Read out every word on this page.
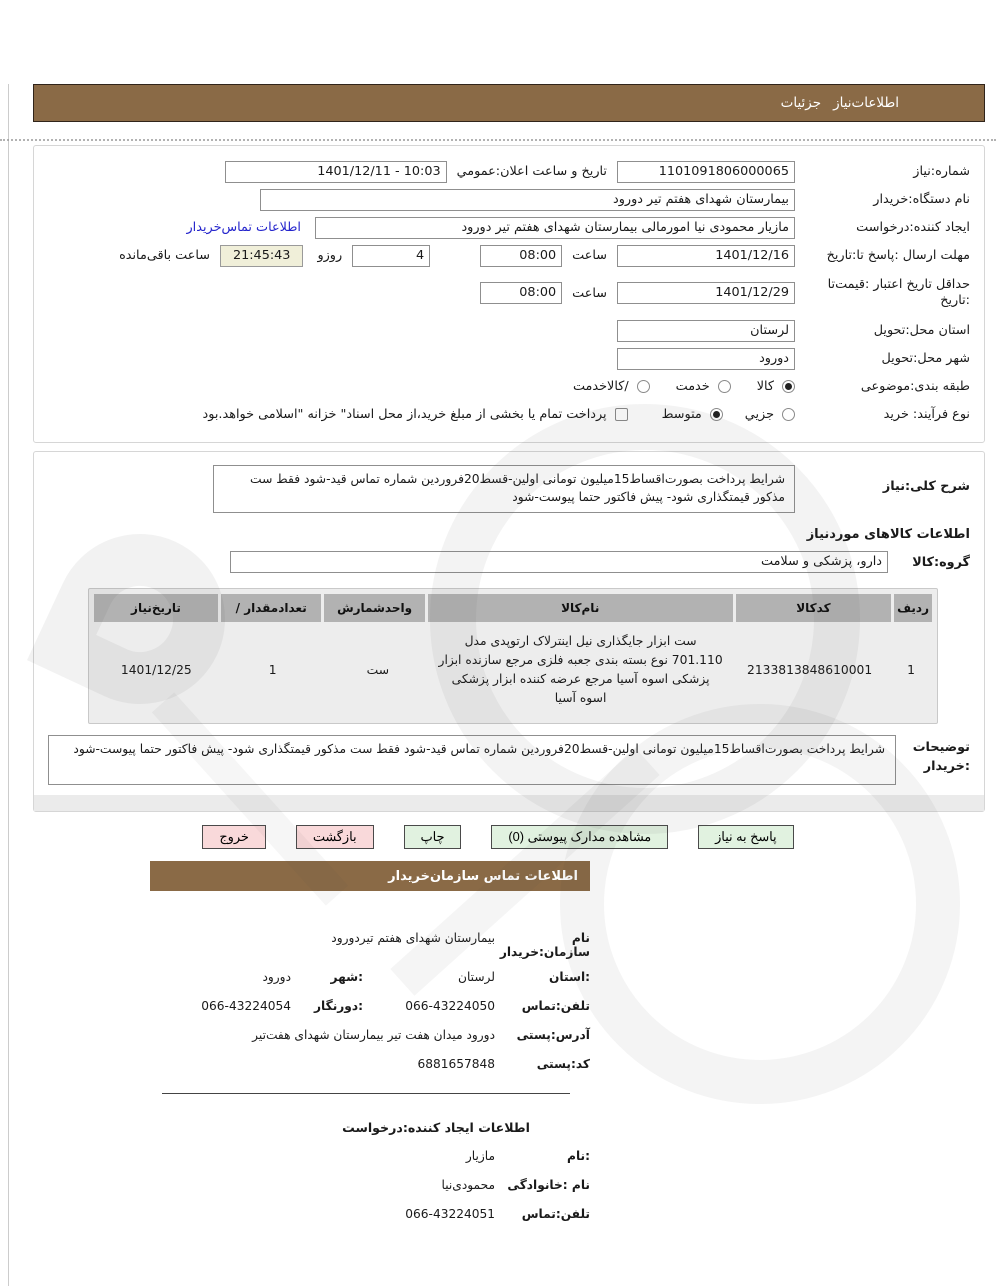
اطلاعات‌نیاز
جزئیات
شماره:نیاز
1101091806000065
تاریخ و ساعت اعلان:عمومي
10:03 - 1401/12/11
نام دستگاه:خریدار
بیمارستان شهدای هفتم تیر دورود
ایجاد کننده:درخواست
مازیار محمودی نیا امورمالی بیمارستان شهدای هفتم تیر دورود
اطلاعات تماس‌خریدار
مهلت ارسال :پاسخ تا:تاریخ
1401/12/16
ساعت
08:00
4
روزو
21:45:43
ساعت باقی‌مانده
حداقل تاریخ اعتبار :قیمت‌تا :تاریخ
1401/12/29
ساعت
08:00
استان محل:تحویل
لرستان
شهر محل:تحویل
دورود
طبقه بندی:موضوعی
کالا
خدمت
/کالاخدمت
نوع فرآیند: خرید
جزیي
متوسط
پرداخت تمام یا بخشی از مبلغ خرید،از محل اسناد" خزانه "اسلامی خواهد.بود
شرح کلی:نیاز
شرایط پرداخت بصورت‌اقساط15میلیون تومانی اولین-قسط20فروردین شماره تماس قید-شود فقط ست مذکور قیمتگذاری شود- پیش فاکتور حتما پیوست-شود
اطلاعات کالاهای موردنیاز
گروه:کالا
دارو، پزشکی و سلامت
ردیف
کدکالا
نام‌کالا
واحدشمارش
تعدادمقدار /
تاریخ‌نیاز
1
2133813848610001
ست ابزار جایگذاری نیل اینترلاک ارتوپدی مدل 701.110 نوع بسته بندی جعبه فلزی مرجع سازنده ابزار پزشکی اسوه آسیا مرجع عرضه کننده ابزار پزشکی اسوه آسیا
ست
1
1401/12/25
توضیحات
:خریدار
شرایط پرداخت بصورت‌اقساط15میلیون تومانی اولین-قسط20فروردین شماره تماس قید-شود فقط ست مذکور قیمتگذاری شود- پیش فاکتور حتما پیوست-شود
پاسخ به نیاز
مشاهده مدارک پیوستی (0)
چاپ
بازگشت
خروج
اطلاعات تماس سازمان‌خریدار
نام سازمان:خریدار
بیمارستان شهدای هفتم تیردورود
:استان
لرستان
:شهر
دورود
تلفن:تماس
066-43224050
:دورنگار
066-43224054
آدرس:پستی
دورود میدان هفت تیر بیمارستان شهدای هفت‌تیر
کد:پستی
6881657848
اطلاعات ایجاد کننده:درخواست
:نام
مازیار
نام :خانوادگی
محمودی‌نیا
تلفن:تماس
066-43224051
